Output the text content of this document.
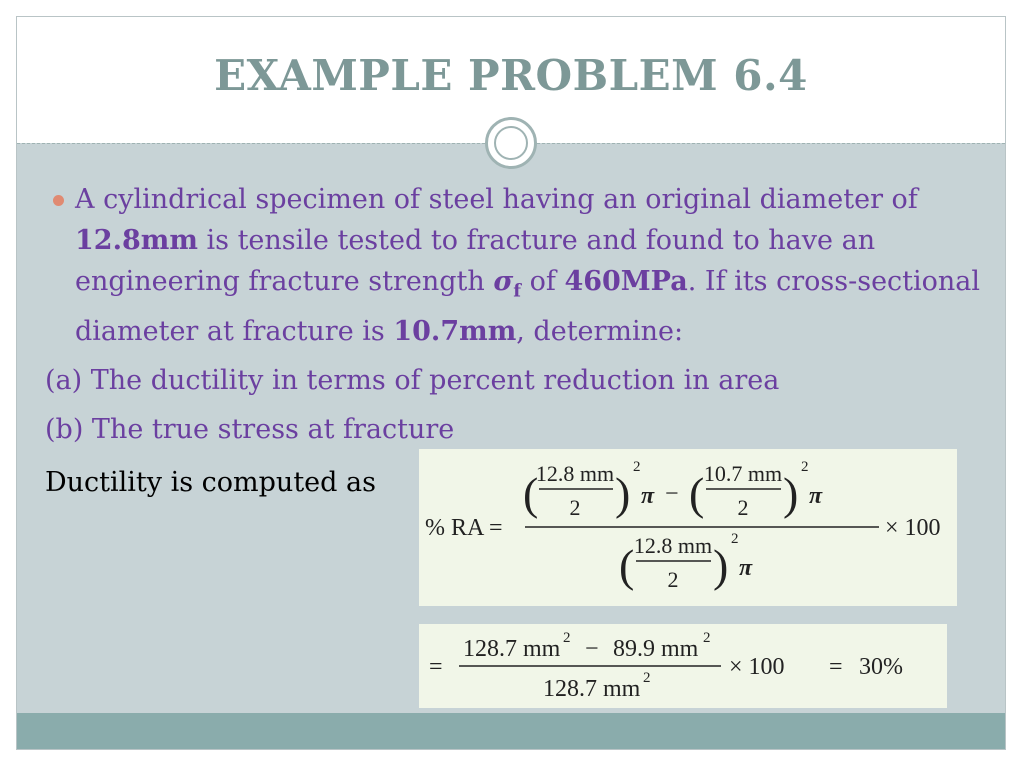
EXAMPLE PROBLEM 6.4
A cylindrical specimen of steel having an original diameter of 12.8mm is tensile tested to fracture and found to have an engineering fracture strength $\sigma_f$ of 460MPa. If its cross-sectional diameter at fracture is 10.7mm, determine:
(a) The ductility in terms of percent reduction in area
(b) The true stress at fracture
Ductility is computed as
% RA =
(
12.8 mm
2 )
2
π − ( 10.7 mm
2 )
2
π
( 12.8 mm
2 )
2
π
× 100
=
128.7 mm 2 − 89.9 mm 2
128.7 mm 2	× 100 = 30%
